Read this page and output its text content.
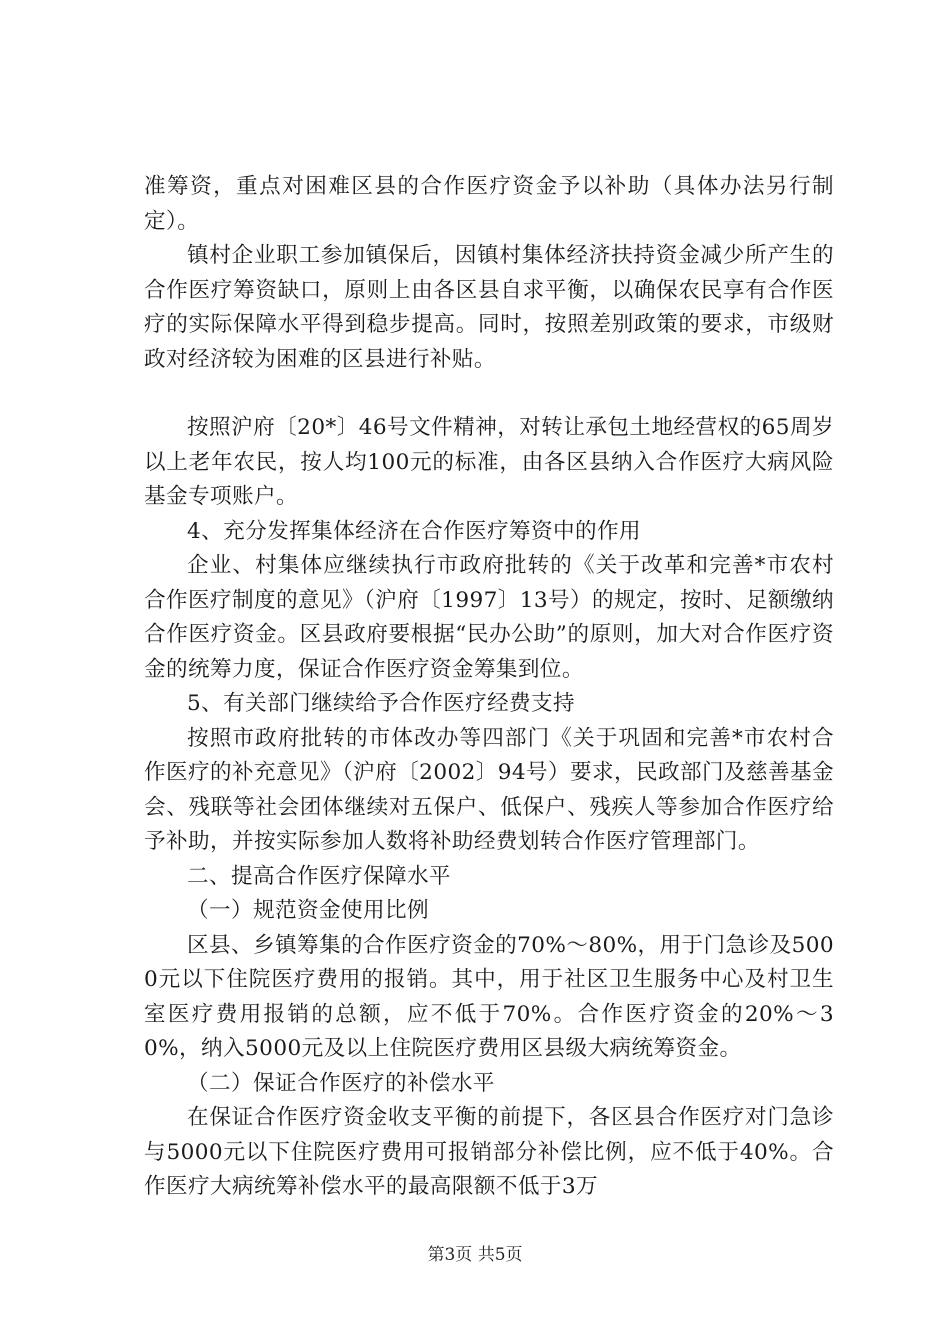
准筹资，重点对困难区县的合作医疗资金予以补助（具体办法另行制定）。

镇村企业职工参加镇保后，因镇村集体经济扶持资金减少所产生的合作医疗筹资缺口，原则上由各区县自求平衡，以确保农民享有合作医疗的实际保障水平得到稳步提高。同时，按照差别政策的要求，市级财政对经济较为困难的区县进行补贴。

按照沪府〔20*〕46号文件精神，对转让承包土地经营权的65周岁以上老年农民，按人均100元的标准，由各区县纳入合作医疗大病风险基金专项账户。

4、充分发挥集体经济在合作医疗筹资中的作用

企业、村集体应继续执行市政府批转的《关于改革和完善*市农村合作医疗制度的意见》（沪府〔1997〕13号）的规定，按时、足额缴纳合作医疗资金。区县政府要根据“民办公助”的原则，加大对合作医疗资金的统筹力度，保证合作医疗资金筹集到位。

5、有关部门继续给予合作医疗经费支持

按照市政府批转的市体改办等四部门《关于巩固和完善*市农村合作医疗的补充意见》（沪府〔2002〕94号）要求，民政部门及慈善基金会、残联等社会团体继续对五保户、低保户、残疾人等参加合作医疗给予补助，并按实际参加人数将补助经费划转合作医疗管理部门。

二、提高合作医疗保障水平

（一）规范资金使用比例

区县、乡镇筹集的合作医疗资金的70%～80%，用于门急诊及5000元以下住院医疗费用的报销。其中，用于社区卫生服务中心及村卫生室医疗费用报销的总额，应不低于70%。合作医疗资金的20%～30%，纳入5000元及以上住院医疗费用区县级大病统筹资金。

（二）保证合作医疗的补偿水平

在保证合作医疗资金收支平衡的前提下，各区县合作医疗对门急诊与5000元以下住院医疗费用可报销部分补偿比例，应不低于40%。合作医疗大病统筹补偿水平的最高限额不低于3万

第3页 共5页
